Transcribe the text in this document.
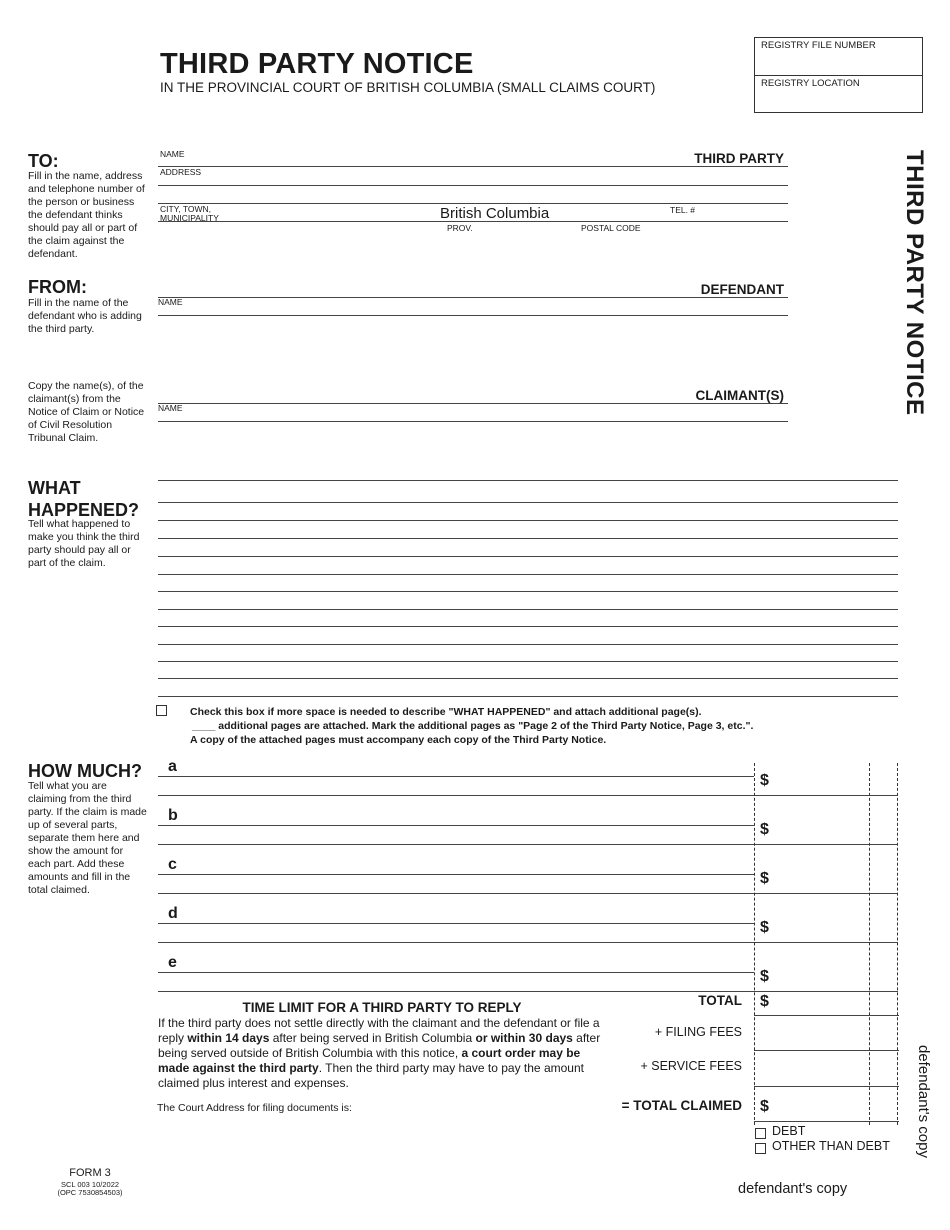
THIRD PARTY NOTICE
IN THE PROVINCIAL COURT OF BRITISH COLUMBIA (SMALL CLAIMS COURT)
REGISTRY FILE NUMBER
REGISTRY LOCATION
THIRD PARTY NOTICE
defendant's copy
TO:
Fill in the name, address and telephone number of the person or business the defendant thinks should pay all or part of the claim against the defendant.
NAME	THIRD PARTY
ADDRESS
CITY, TOWN, MUNICIPALITY	British Columbia	TEL. #
PROV.	POSTAL CODE
FROM:
Fill in the name of the defendant who is adding the third party.
DEFENDANT
NAME
Copy the name(s), of the claimant(s) from the Notice of Claim or Notice of Civil Resolution Tribunal Claim.
CLAIMANT(S)
NAME
WHAT
HAPPENED?
Tell what happened to make you think the third party should pay all or part of the claim.
Check this box if more space is needed to describe "WHAT HAPPENED" and attach additional page(s).
____ additional pages are attached. Mark the additional pages as "Page 2 of the Third Party Notice, Page 3, etc.".
A copy of the attached pages must accompany each copy of the Third Party Notice.
HOW MUCH?
Tell what you are claiming from the third party. If the claim is made up of several parts, separate them here and show the amount for each part. Add these amounts and fill in the total claimed.
a
$
b
$
c
$
d
$
e
$
TOTAL $
+ FILING FEES
+ SERVICE FEES
= TOTAL CLAIMED $
DEBT
OTHER THAN DEBT
TIME LIMIT FOR A THIRD PARTY TO REPLY
If the third party does not settle directly with the claimant and the defendant or file a reply within 14 days after being served in British Columbia or within 30 days after being served outside of British Columbia with this notice, a court order may be made against the third party. Then the third party may have to pay the amount claimed plus interest and expenses.
The Court Address for filing documents is:
FORM 3
SCL 003 10/2022
(OPC 7530854503)	defendant's copy
